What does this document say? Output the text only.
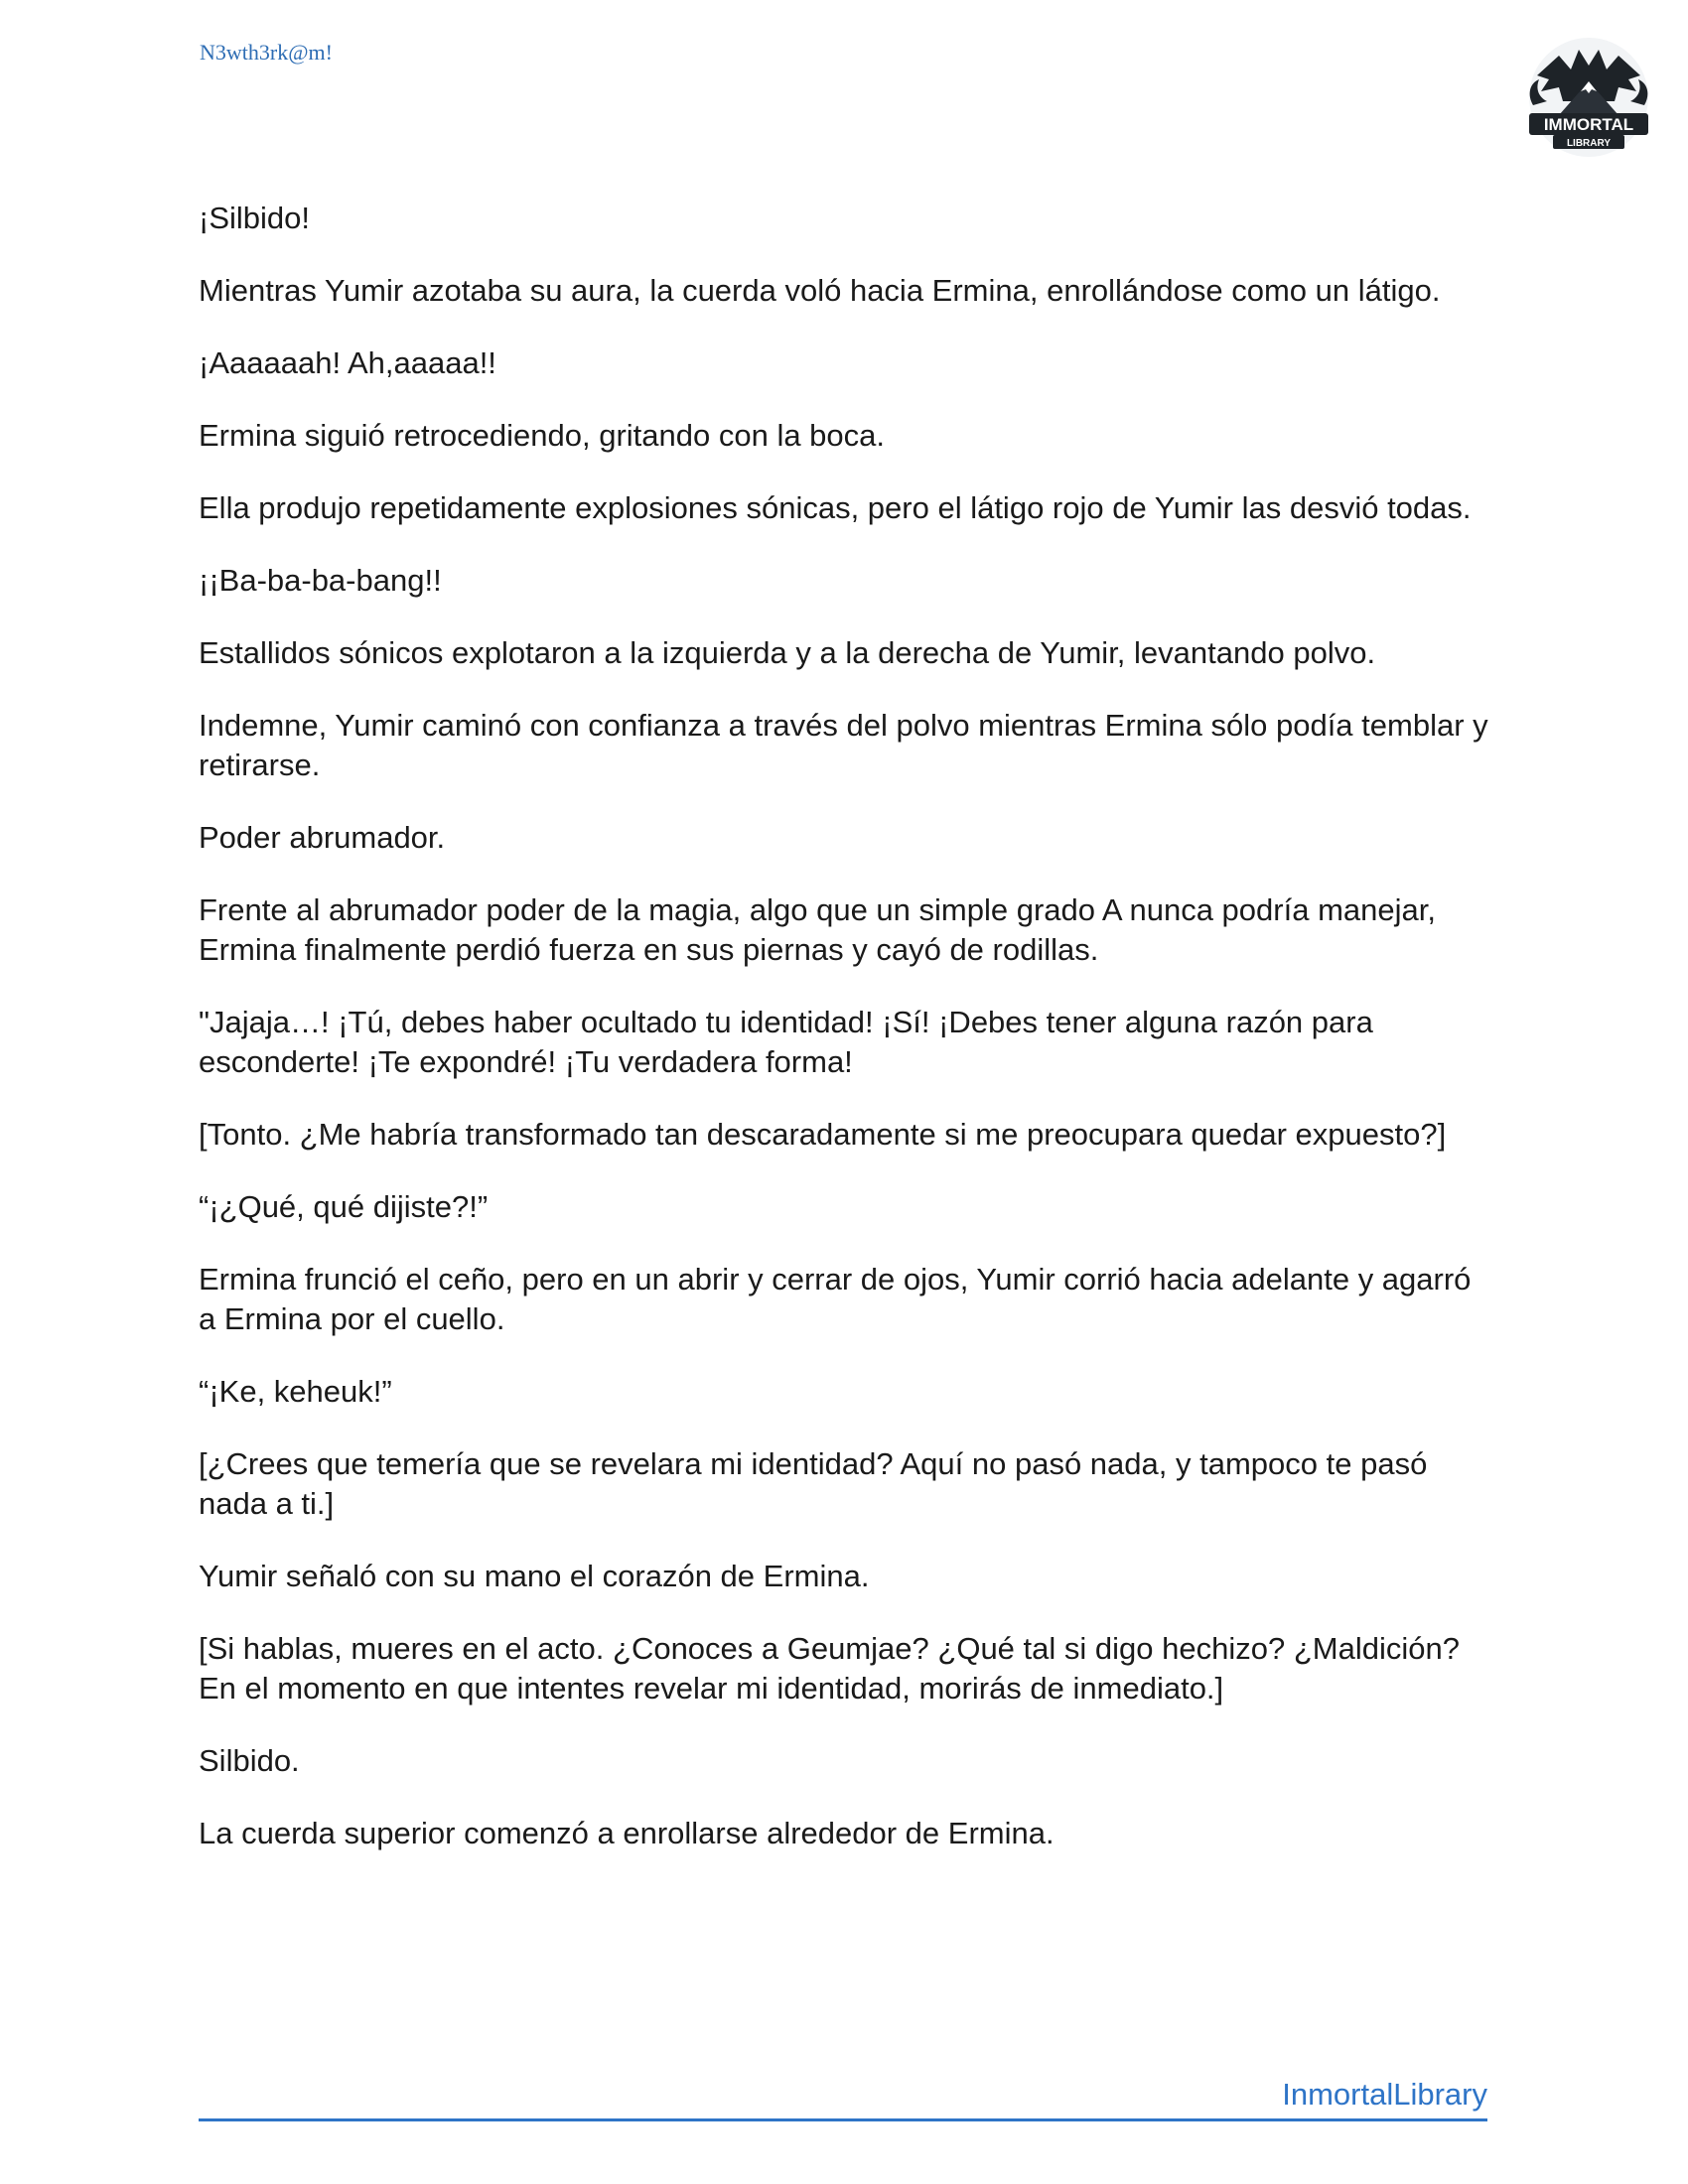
N3wth3rk@m!
IMMORTAL
LIBRARY

¡Silbido!

Mientras Yumir azotaba su aura, la cuerda voló hacia Ermina, enrollándose como un látigo.

¡Aaaaaah! Ah,aaaaa!!

Ermina siguió retrocediendo, gritando con la boca.

Ella produjo repetidamente explosiones sónicas, pero el látigo rojo de Yumir las desvió todas.

¡¡Ba-ba-ba-bang!!

Estallidos sónicos explotaron a la izquierda y a la derecha de Yumir, levantando polvo.

Indemne, Yumir caminó con confianza a través del polvo mientras Ermina sólo podía temblar y retirarse.

Poder abrumador.

Frente al abrumador poder de la magia, algo que un simple grado A nunca podría manejar, Ermina finalmente perdió fuerza en sus piernas y cayó de rodillas.

"Jajaja…! ¡Tú, debes haber ocultado tu identidad! ¡Sí! ¡Debes tener alguna razón para esconderte! ¡Te expondré! ¡Tu verdadera forma!

[Tonto. ¿Me habría transformado tan descaradamente si me preocupara quedar expuesto?]

“¡¿Qué, qué dijiste?!”

Ermina frunció el ceño, pero en un abrir y cerrar de ojos, Yumir corrió hacia adelante y agarró a Ermina por el cuello.

“¡Ke, keheuk!”

[¿Crees que temería que se revelara mi identidad? Aquí no pasó nada, y tampoco te pasó nada a ti.]

Yumir señaló con su mano el corazón de Ermina.

[Si hablas, mueres en el acto. ¿Conoces a Geumjae? ¿Qué tal si digo hechizo? ¿Maldición? En el momento en que intentes revelar mi identidad, morirás de inmediato.]

Silbido.

La cuerda superior comenzó a enrollarse alrededor de Ermina.

InmortalLibrary
